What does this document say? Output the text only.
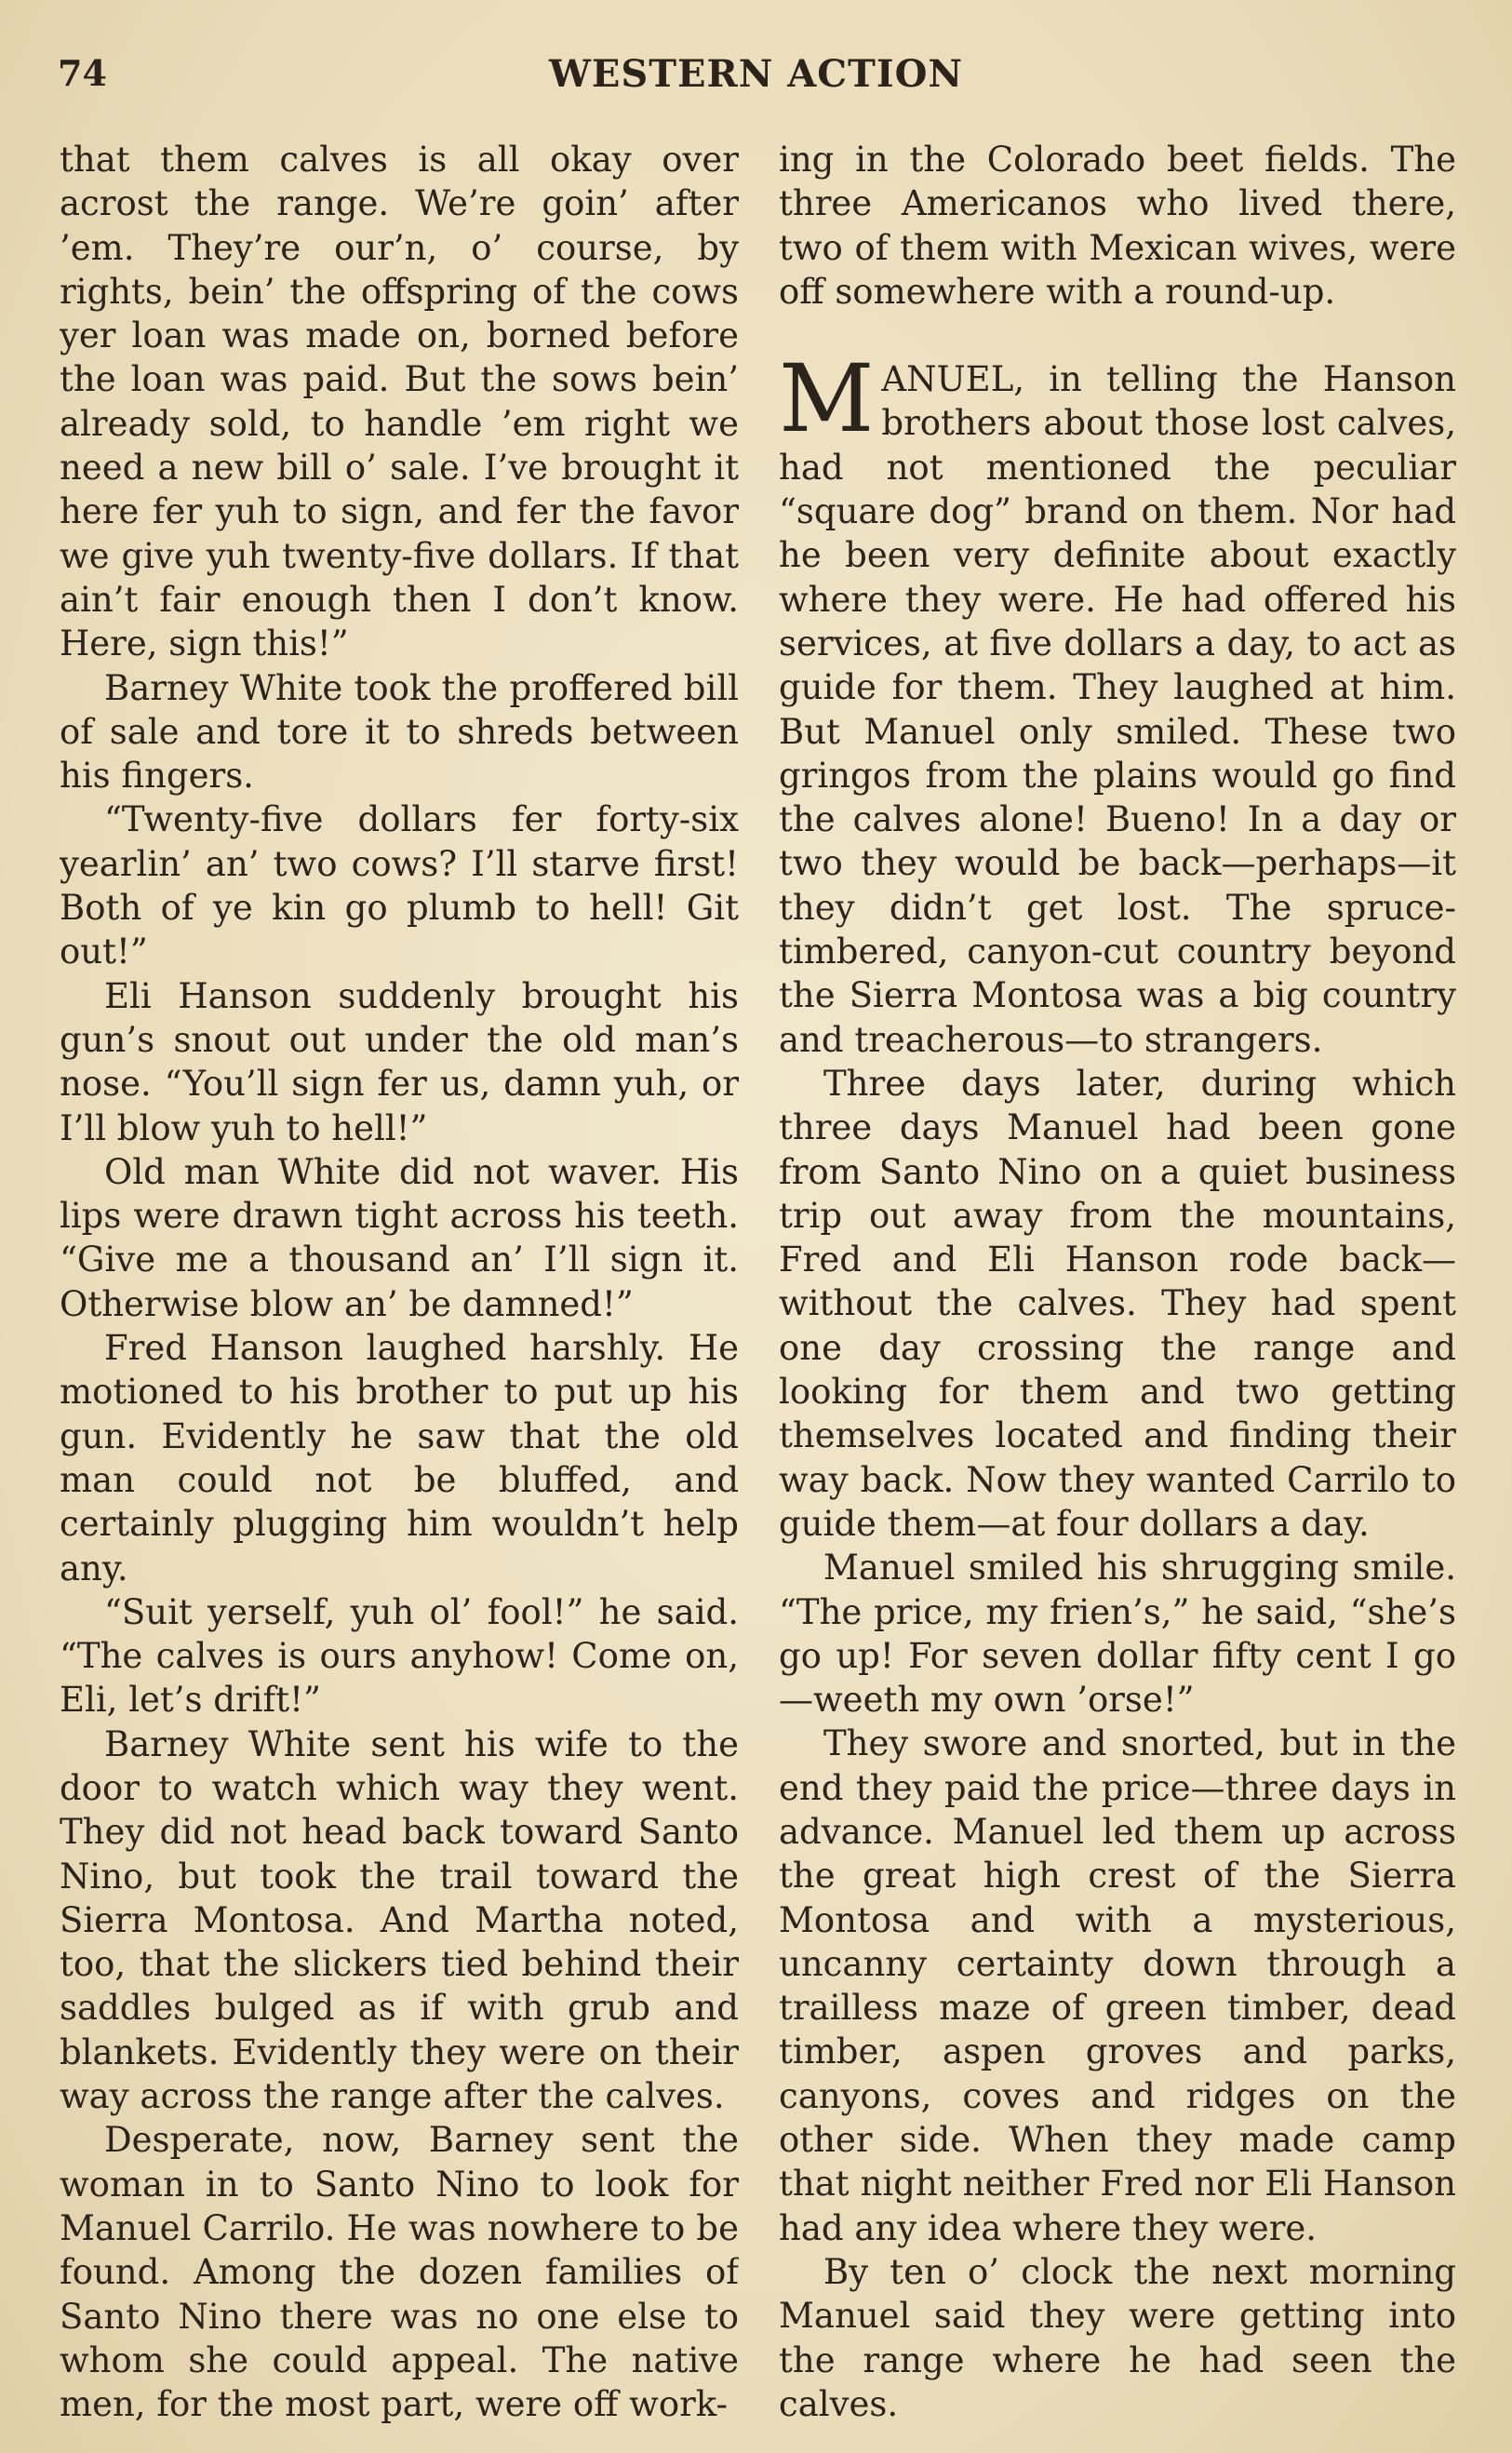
74	WESTERN ACTION

that them calves is all okay over acrost the range. We’re goin’ after ’em. They’re our’n, o’ course, by rights, bein’ the offspring of the cows yer loan was made on, borned before the loan was paid. But the sows bein’ already sold, to handle ’em right we need a new bill o’ sale. I’ve brought it here fer yuh to sign, and fer the favor we give yuh twenty-five dollars. If that ain’t fair enough then I don’t know. Here, sign this!”

Barney White took the proffered bill of sale and tore it to shreds between his fingers.

“Twenty-five dollars fer forty-six yearlin’ an’ two cows? I’ll starve first! Both of ye kin go plumb to hell! Git out!”

Eli Hanson suddenly brought his gun’s snout out under the old man’s nose. “You’ll sign fer us, damn yuh, or I’ll blow yuh to hell!”

Old man White did not waver. His lips were drawn tight across his teeth. “Give me a thousand an’ I’ll sign it. Otherwise blow an’ be damned!”

Fred Hanson laughed harshly. He motioned to his brother to put up his gun. Evidently he saw that the old man could not be bluffed, and certainly plugging him wouldn’t help any.

“Suit yerself, yuh ol’ fool!” he said. “The calves is ours anyhow! Come on, Eli, let’s drift!”

Barney White sent his wife to the door to watch which way they went. They did not head back toward Santo Nino, but took the trail toward the Sierra Montosa. And Martha noted, too, that the slickers tied behind their saddles bulged as if with grub and blankets. Evidently they were on their way across the range after the calves.

Desperate, now, Barney sent the woman in to Santo Nino to look for Manuel Carrilo. He was nowhere to be found. Among the dozen families of Santo Nino there was no one else to whom she could appeal. The native men, for the most part, were off work-

ing in the Colorado beet fields. The three Americanos who lived there, two of them with Mexican wives, were off somewhere with a round-up.

MANUEL, in telling the Hanson brothers about those lost calves, had not mentioned the peculiar “square dog” brand on them. Nor had he been very definite about exactly where they were. He had offered his services, at five dollars a day, to act as guide for them. They laughed at him. But Manuel only smiled. These two gringos from the plains would go find the calves alone! Bueno! In a day or two they would be back—perhaps—it they didn’t get lost. The spruce-timbered, canyon-cut country beyond the Sierra Montosa was a big country and treacherous—to strangers.

Three days later, during which three days Manuel had been gone from Santo Nino on a quiet business trip out away from the mountains, Fred and Eli Hanson rode back—without the calves. They had spent one day crossing the range and looking for them and two getting themselves located and finding their way back. Now they wanted Carrilo to guide them—at four dollars a day.

Manuel smiled his shrugging smile. “The price, my frien’s,” he said, “she’s go up! For seven dollar fifty cent I go—weeth my own ’orse!”

They swore and snorted, but in the end they paid the price—three days in advance. Manuel led them up across the great high crest of the Sierra Montosa and with a mysterious, uncanny certainty down through a trailless maze of green timber, dead timber, aspen groves and parks, canyons, coves and ridges on the other side. When they made camp that night neither Fred nor Eli Hanson had any idea where they were.

By ten o’ clock the next morning Manuel said they were getting into the range where he had seen the calves.
